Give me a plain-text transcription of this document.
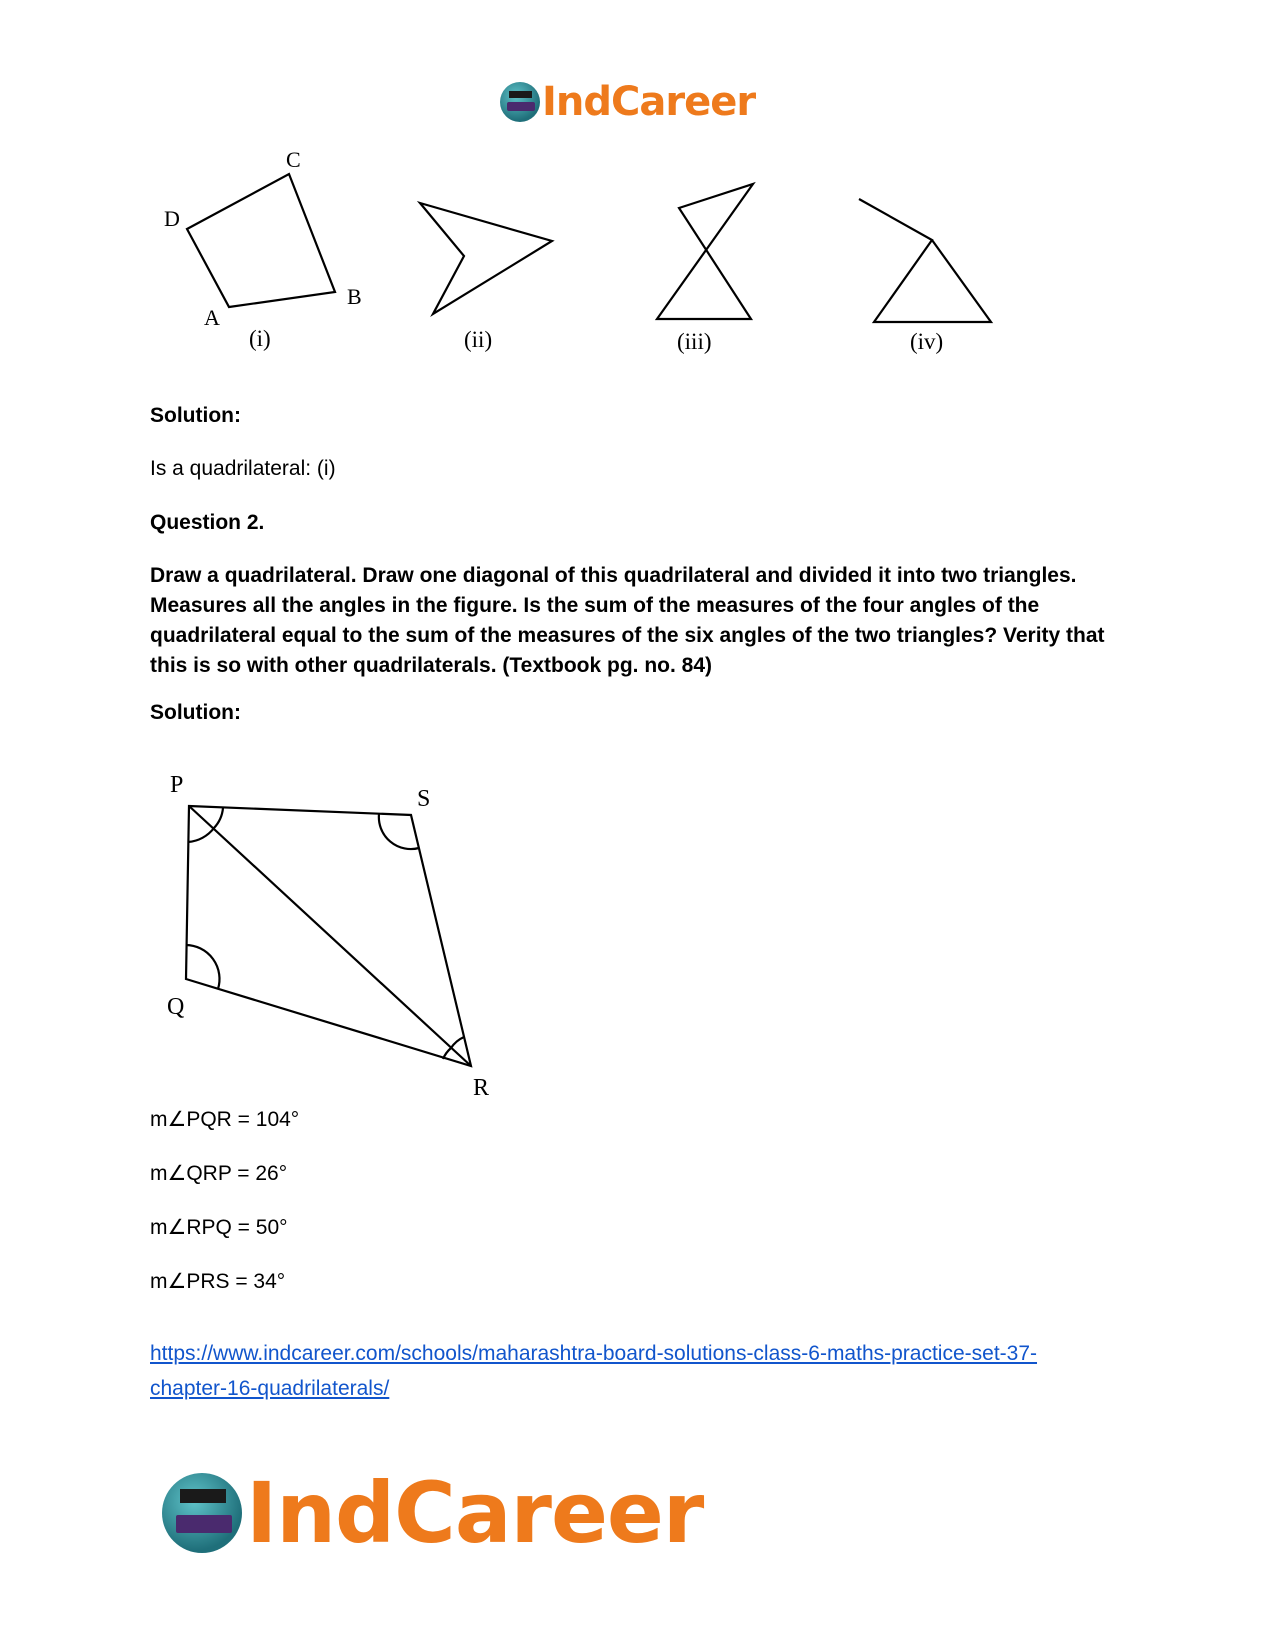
IndCareer
A
B
C
D
(i)	(ii)	(iii)	(iv)

Solution:

Is a quadrilateral: (i)

Question 2.

Draw a quadrilateral. Draw one diagonal of this quadrilateral and divided it into two triangles. Measures all the angles in the figure. Is the sum of the measures of the four angles of the quadrilateral equal to the sum of the measures of the six angles of the two triangles? Verity that this is so with other quadrilaterals. (Textbook pg. no. 84)

Solution:

P
S
Q
R

m∠PQR = 104°

m∠QRP = 26°

m∠RPQ = 50°

m∠PRS = 34°

https://www.indcareer.com/schools/maharashtra-board-solutions-class-6-maths-practice-set-37-
chapter-16-quadrilaterals/

IndCareer
